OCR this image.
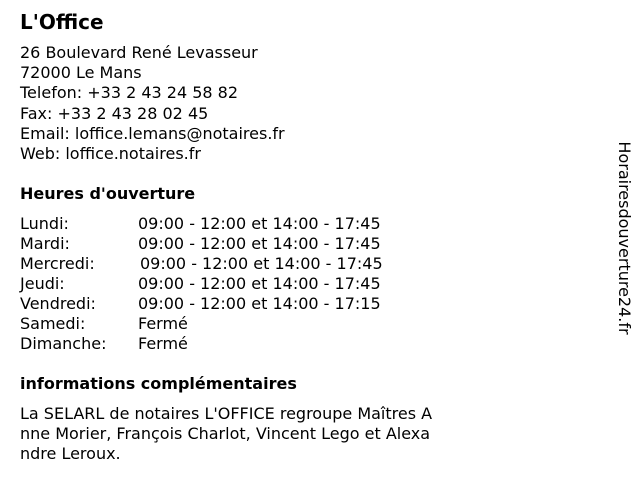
L'Office
26 Boulevard René Levasseur
72000 Le Mans
Telefon: +33 2 43 24 58 82
Fax: +33 2 43 28 02 45
Email: loffice.lemans@notaires.fr
Web: loffice.notaires.fr
Heures d'ouverture
Lundi:	09:00 - 12:00 et 14:00 - 17:45
Mardi:	09:00 - 12:00 et 14:00 - 17:45
Mercredi:	09:00 - 12:00 et 14:00 - 17:45
Jeudi:	09:00 - 12:00 et 14:00 - 17:45
Vendredi:	09:00 - 12:00 et 14:00 - 17:15
Samedi:	Fermé
Dimanche: Fermé
informations complémentaires

La SELARL de notaires L'OFFICE regroupe Maîtres Anne Morier, François Charlot, Vincent Lego et Alexandre Leroux.

Horairesdouverture24.fr
